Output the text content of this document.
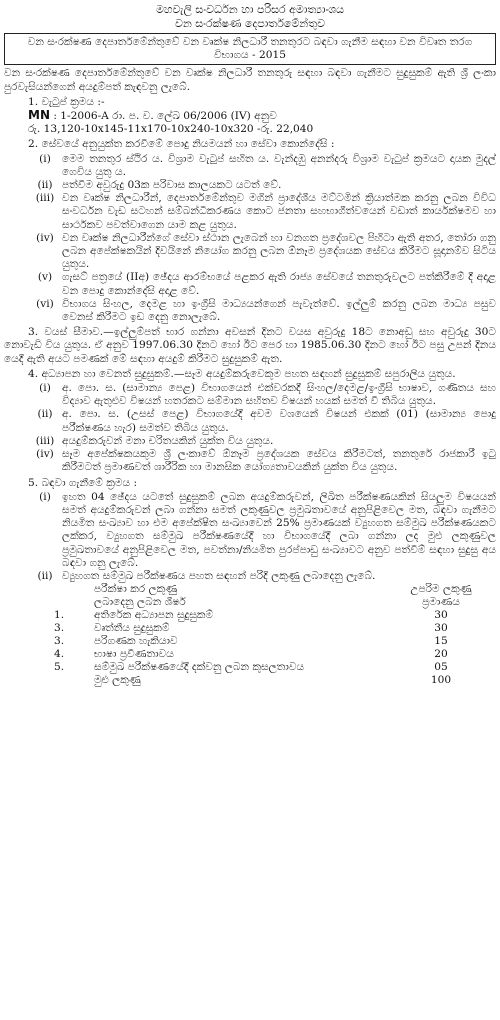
මහවැලි සංවර්ධන හා පරිසර අමාත්‍යාංශය
වන සංරක්ෂණ දෙපාර්තමේන්තුව
වන සංරක්ෂණ දෙපාර්තමේන්තුවේ වන වෘක්ෂ නිලධාරී තනතුරට බඳවා ගැනීම සඳහා වන විවෘත තරග විභාගය - 2015

වන සංරක්ෂණ දෙපාර්තමේන්තුවේ වන වෘක්ෂ නිලධාරී තනතුරු සඳහා බඳවා ගැනීමට සුදුසුකම් ඇති ශ්‍රී ලංකා පුරවැසියන්ගෙන් අයදුම්පත් කැඳවනු ලැබේ.

1. වැටුප් ක්‍රමය :-
MN : 1-2006-A රා. ප. ව. ලේඛ 06/2006 (IV) අනුව
රු. 13,120-10x145-11x170-10x240-10x320 -රු. 22,040
2. සේවයේ අනුයුක්ත කරවීමේ පොදු නියමයන් හා සේවා කොන්දේසි :
(i)	මෙම තනතුර ස්ථිර ය. විශ්‍රාම වැටුප් සහිත ය. වැන්දඹු අනන්දරු විශ්‍රාම වැටුප් ක්‍රමයට දායක මුදල් ගෙවිය යුතු ය.
(ii) පත්වීම අවුරුදු 03ක පරිවාස කාලයකට යටත් වේ.
(iii) වන වෘක්ෂ නිලධාරීන්, දෙපාර්තමේන්තුව මගින් ප්‍රාදේශීය මට්ටමින් ක්‍රියාත්මක කරනු ලබන විවිධ සංවර්ධන වැඩ සටහන් සම්බන්ධීකරණය කොට ජනතා සහභාගීත්වයෙන් වඩාත් කාර්යක්ෂමව හා සාර්ථකව පවත්වාගෙන යාම කළ යුතුය.
(iv) වන වෘක්ෂ නිලධාරීන්ගේ සේවා ස්ථාන ලැබෙන් හා වනගත ප්‍රදේශවල පිහිටා ඇති අතර, තෝරා ගනු ලබන අපේක්ෂකයින් දිවයිනේ නියෝග කරනු ලබන ඕනෑම ප්‍රදේශයක සේවය කිරීමට සූදානම්ව සිටිය යුතුය.
(v) ගැසට් පත්‍රයේ (IIඅ) ඡේදය ආරම්භයේ පළකර ඇති රාජ්‍ය සේවයේ තනතුරුවලට පත්කිරීමේ දී අදාළ වන පොදු කොන්දේසි අදාළ වේ.
(vi) විභාගය සිංහල, දෙමළ හා ඉංග්‍රීසි මාධ්‍යයන්ගෙන් පැවැත්වේ. ඉල්ලුම් කරනු ලබන මාධ්‍ය පසුව වෙනස් කිරීමට ඉඩ දෙනු නොලැබේ.

3. වයස් සීමාව.—ඉල්ලුම්පත් භාර ගන්නා අවසන් දිනට වයස අවුරුදු 18ට නොඅඩු සහ අවුරුදු 30ට නොවැඩි විය යුතුය. ඒ අනුව 1997.06.30 දිනට හෝ ඊට පෙර හා 1985.06.30 දිනට හෝ ඊට පසු උපන් දිනය යෙදී ඇති අයට පමණක් මේ සඳහා අයදුම් කිරීමට සුදුසුකම් ඇත.

4. අධ්‍යාපන හා වෙනත් සුදුසුකම්.—සෑම අයදුම්කරුවෙකුම පහත සඳහන් සුදුසුකම් සපුරාලිය යුතුය.

(i)	අ. පො. ස. (සාමාන්‍ය පෙළ) විභාගයෙන් එක්වරකදී සිංහල/දෙමළ/ඉංග්‍රීසි භාෂාව, ගණිතය සහ විද්‍යාව ඇතුළුව විෂයන් හතරකට සම්මාන සහිතව විෂයන් හයක් සමත් වී තිබිය යුතුය.
(ii) අ. පො. ස. (උසස් පෙළ) විභාගයේදී අවම වශයෙන් විෂයන් එකක් (01) (සාමාන්‍ය පොදු පරීක්ෂණය හැර) සමත්ව තිබිය යුතුය.
(iii) අයදුම්කරුවන් මනා චරිතයකින් යුක්ත විය යුතුය.
(iv) සෑම අපේක්ෂකයකුම ශ්‍රී ලංකාවේ ඕනෑම ප්‍රදේශයක සේවය කිරීමටත්, තනතුරේ රාජකාරී ඉටු කිරීමටත් ප්‍රමාණවත් ශාරීරික හා මානසික යෝග්‍යතාවයකින් යුක්ත විය යුතුය.
5. බඳවා ගැනීමේ ක්‍රමය :
(i)	ඉහත 04 ඡේදය යටතේ සුදුසුකම් ලබන අයදුම්කරුවන්, ලිඛිත පරීක්ෂණයකින් සියලුම විෂයයන් සමත් අයදුම්කරුවන් ලබා ගන්නා සමත් ලකුණුවල ප්‍රමුඛතාවයේ අනුපිළිවෙල මත, බඳවා ගැනීමට නියමිත සංඛ්‍යාව හා එම අපේක්ෂිත සංඛ්‍යාවෙන් 25% ප්‍රමාණයක් ව්‍යුහගත සම්මුඛ පරීක්ෂණයකට ලක්කර, ව්‍යුහගත සම්මුඛ පරීක්ෂණයේදී හා විභාගයේදී ලබා ගන්නා ලද මුළු ලකුණුවල ප්‍රමුඛතාවයේ අනුපිළිවෙල මත, පවත්නා/නියමිත පුරප්පාඩු සංඛ්‍යාවට අනුව පත්වීම් සඳහා සුදුසු අය බඳවා ගනු ලැබේ.
(ii) ව්‍යුහගත සම්මුඛ පරීක්ෂණය පහත සඳහන් පරිදි ලකුණු ලබාදෙනු ලැබේ.
	පරීක්ෂා කර ලකුණු	උපරිම ලකුණු
	ලබාදෙනු ලබන ශීර්ෂ	ප්‍රමාණය
1.	අතිරේක අධ්‍යාපන සුදුසුකම්	30
3.	වෘත්තීය සුදුසුකම්	30
3.	පරිගණක හැකියාව	15
4.	භාෂා ප්‍රවීණතාවය	20
5.	සම්මුඛ පරීක්ෂණයේදී දක්වනු ලබන කුසලතාවය	05
	මුළු ලකුණු	100
